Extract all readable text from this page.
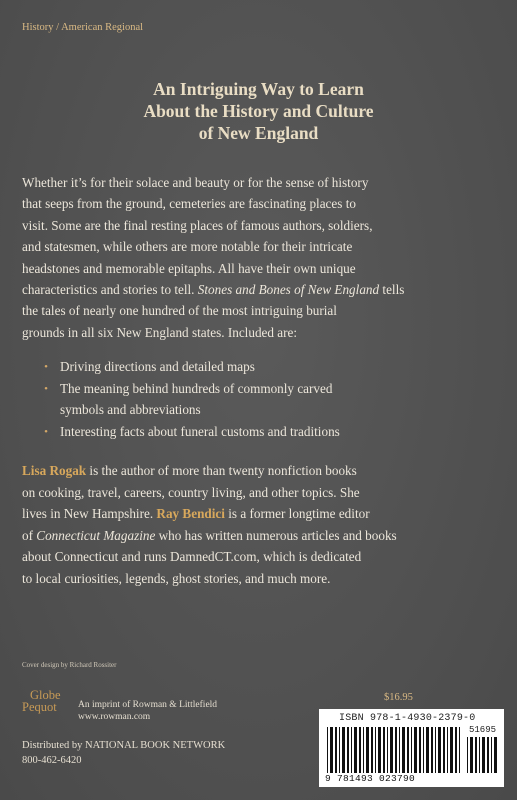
History / American Regional
An Intriguing Way to Learn
About the History and Culture
of New England
Whether it’s for their solace and beauty or for the sense of history
that seeps from the ground, cemeteries are fascinating places to
visit. Some are the final resting places of famous authors, soldiers,
and statesmen, while others are more notable for their intricate
headstones and memorable epitaphs. All have their own unique
characteristics and stories to tell. Stones and Bones of New England tells
the tales of nearly one hundred of the most intriguing burial
grounds in all six New England states. Included are:
• Driving directions and detailed maps
• The meaning behind hundreds of commonly carved
symbols and abbreviations
• Interesting facts about funeral customs and traditions
Lisa Rogak is the author of more than twenty nonfiction books
on cooking, travel, careers, country living, and other topics. She
lives in New Hampshire. Ray Bendici is a former longtime editor
of Connecticut Magazine who has written numerous articles and books
about Connecticut and runs DamnedCT.com, which is dedicated
to local curiosities, legends, ghost stories, and much more.
Cover design by Richard Rossiter
Globe
Pequot	An imprint of Rowman & Littlefield
www.rowman.com
Distributed by NATIONAL BOOK NETWORK
800-462-6420
$16.95
ISBN 978-1-4930-2379-0
51695
9 781493 023790
